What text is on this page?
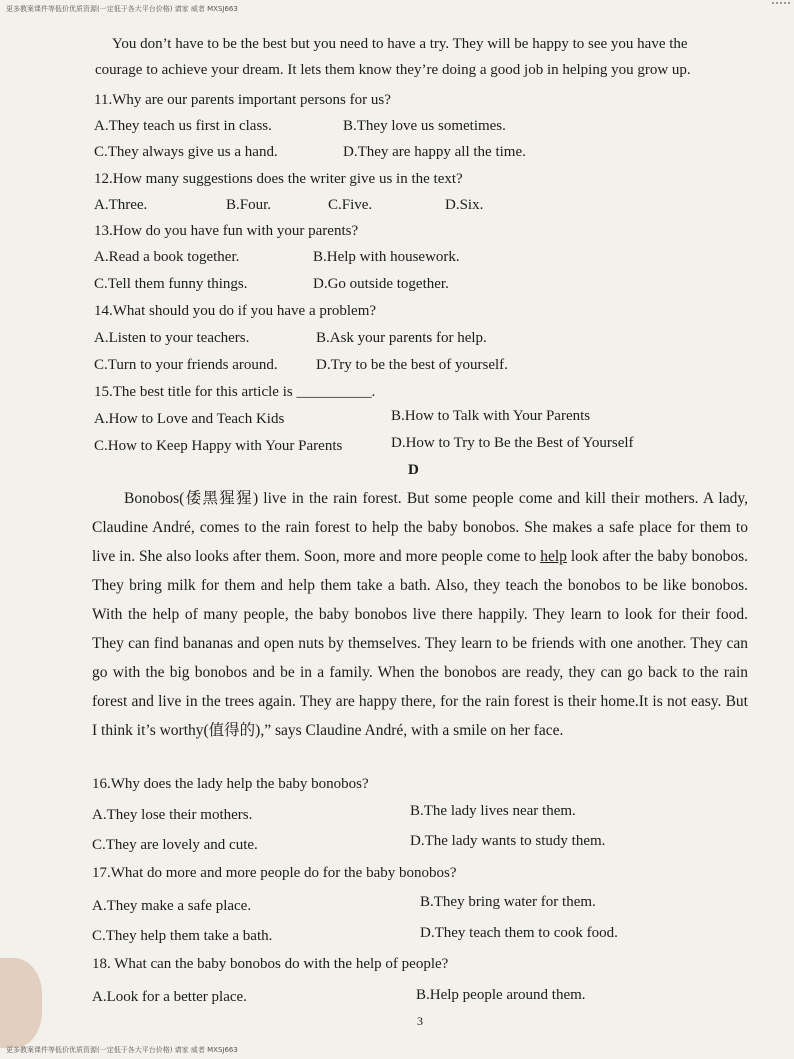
更多教案课件等低价优质资源(一定低于各大平台价格) 请家 威者 MXSJ663
You don’t have to be the best but you need to have a try. They will be happy to see you have the
courage to achieve your dream. It lets them know they’re doing a good job in helping you grow up.
11.Why are our parents important persons for us?
A.They teach us first in class.	B.They love us sometimes.
C.They always give us a hand.	D.They are happy all the time.
12.How many suggestions does the writer give us in the text?
A.Three.	B.Four.	C.Five.	D.Six.
13.How do you have fun with your parents?
A.Read a book together.	B.Help with housework.
C.Tell them funny things.	D.Go outside together.
14.What should you do if you have a problem?
A.Listen to your teachers.	B.Ask your parents for help.
C.Turn to your friends around.	D.Try to be the best of yourself.
15.The best title for this article is __________.
A.How to Love and Teach Kids	B.How to Talk with Your Parents
C.How to Keep Happy with Your Parents	D.How to Try to Be the Best of Yourself
D

Bonobos(倭黑猩猩) live in the rain forest. But some people come and kill their mothers. A lady, Claudine André, comes to the rain forest to help the baby bonobos. She makes a safe place for them to live in. She also looks after them. Soon, more and more people come to help look after the baby bonobos. They bring milk for them and help them take a bath. Also, they teach the bonobos to be like bonobos. With the help of many people, the baby bonobos live there happily. They learn to look for their food. They can find bananas and open nuts by themselves. They learn to be friends with one another. They can go with the big bonobos and be in a family. When the bonobos are ready, they can go back to the rain forest and live in the trees again. They are happy there, for the rain forest is their home.It is not easy. But I think it’s worthy(值得的),” says Claudine André, with a smile on her face.

16.Why does the lady help the baby bonobos?
A.They lose their mothers.	B.The lady lives near them.
C.They are lovely and cute.	D.The lady wants to study them.
17.What do more and more people do for the baby bonobos?
A.They make a safe place.	B.They bring water for them.
C.They help them take a bath.	D.They teach them to cook food.
18. What can the baby bonobos do with the help of people?
A.Look for a better place.	B.Help people around them.
3
更多教案课件等低价优质资源(一定低于各大平台价格) 请家 威者 MXSJ663
